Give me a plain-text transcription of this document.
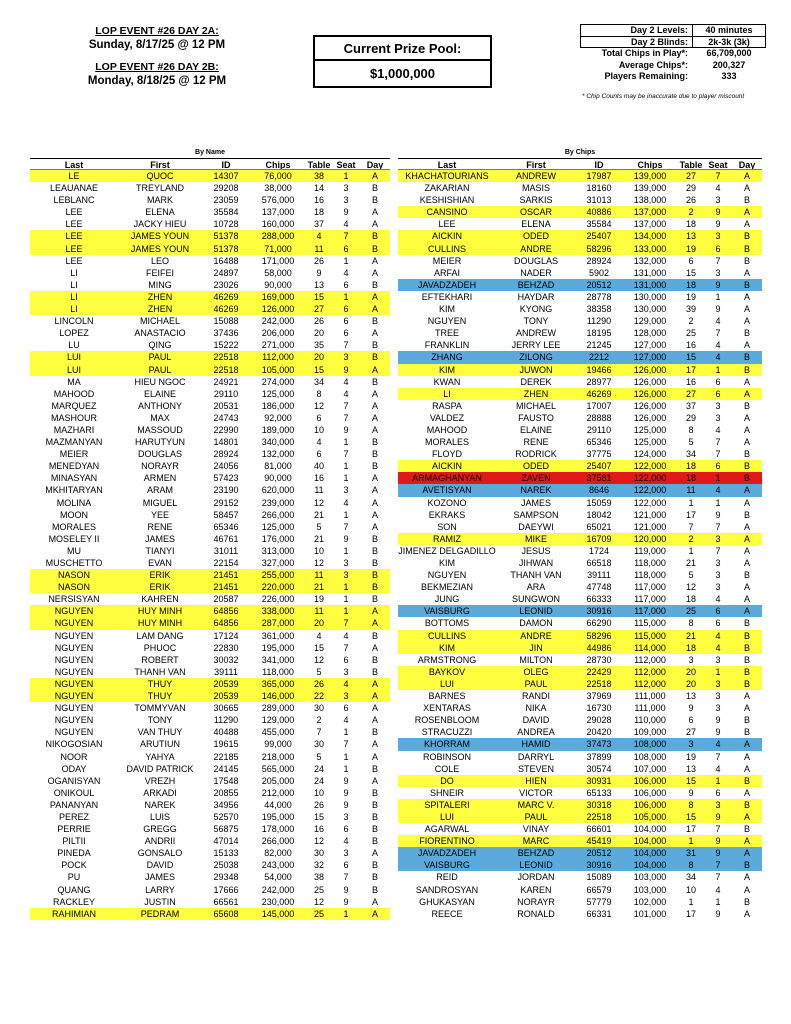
LOP EVENT #26 DAY 2A:
Sunday, 8/17/25 @ 12 PM
LOP EVENT #26 DAY 2B:
Monday, 8/18/25 @ 12 PM
Current Prize Pool:
$1,000,000
Day 2 Levels:	40 minutes
Day 2 Blinds:	2k-3k (3k)
Total Chips in Play*:	66,709,000
Average Chips*:	200,327
Players Remaining:	333
* Chip Counts may be inaccurate due to player miscount
By Name
Last	First	ID	Chips	Table Seat	Day
LE	QUOC	14307	76,000	38	1	A
LEAUANAE	TREYLAND	29208	38,000	14	3	B
LEBLANC	MARK	23059	576,000	16	3	B
LEE	ELENA	35584	137,000	18	9	A
LEE	JACKY HIEU	10728	160,000	37	4	A
LEE	JAMES YOUN	51378	288,000	4	7	B
LEE	JAMES YOUN	51378	71,000	11	6	B
LEE	LEO	16488	171,000	26	1	A
LI	FEIFEI	24897	58,000	9	4	A
LI	MING	23026	90,000	13	6	B
LI	ZHEN	46269	169,000	15	1	A
LI	ZHEN	46269	126,000	27	6	A
LINCOLN	MICHAEL	15088	242,000	26	6	B
LOPEZ	ANASTACIO	37436	206,000	20	6	A
LU	QING	15222	271,000	35	7	B
LUI	PAUL	22518	112,000	20	3	B
LUI	PAUL	22518	105,000	15	9	A
MA	HIEU NGOC	24921	274,000	34	4	B
MAHOOD	ELAINE	29110	125,000	8	4	A
MARQUEZ	ANTHONY	20531	186,000	12	7	A
MASHOUR	MAX	24743	92,000	6	7	A
MAZHARI	MASSOUD	22990	189,000	10	9	A
MAZMANYAN	HARUTYUN	14801	340,000	4	1	B
MEIER	DOUGLAS	28924	132,000	6	7	B
MENEDYAN	NORAYR	24056	81,000	40	1	B
MINASYAN	ARMEN	57423	90,000	16	1	A
MKHITARYAN	ARAM	23190	620,000	11	3	A
MOLINA	MIGUEL	29152	239,000	12	4	A
MOON	YEE	58457	266,000	21	1	A
MORALES	RENE	65346	125,000	5	7	A
MOSELEY II	JAMES	46761	176,000	21	9	B
MU	TIANYI	31011	313,000	10	1	B
MUSCHETTO	EVAN	22154	327,000	12	3	B
NASON	ERIK	21451	255,000	11	3	B
NASON	ERIK	21451	220,000	21	1	B
NERSISYAN	KAHREN	20587	226,000	19	1	B
NGUYEN	HUY MINH	64856	338,000	11	1	A
NGUYEN	HUY MINH	64856	287,000	20	7	A
NGUYEN	LAM DANG	17124	361,000	4	4	B
NGUYEN	PHUOC	22830	195,000	15	7	A
NGUYEN	ROBERT	30032	341,000	12	6	B
NGUYEN	THANH VAN	39111	118,000	5	3	B
NGUYEN	THUY	20539	365,000	26	4	A
NGUYEN	THUY	20539	146,000	22	3	A
NGUYEN	TOMMYVAN	30665	289,000	30	6	A
NGUYEN	TONY	11290	129,000	2	4	A
NGUYEN	VAN THUY	40488	455,000	7	1	B
NIKOGOSIAN	ARUTIUN	19615	99,000	30	7	A
NOOR	YAHYA	22185	218,000	5	1	A
ODAY	DAVID PATRICK	24145	565,000	24	1	B
OGANISYAN	VREZH	17548	205,000	24	9	A
ONIKOUL	ARKADI	20855	212,000	10	9	B
PANANYAN	NAREK	34956	44,000	26	9	B
PEREZ	LUIS	52570	195,000	15	3	B
PERRIE	GREGG	56875	178,000	16	6	B
PILTII	ANDRII	47014	266,000	12	4	B
PINEDA	GONSALO	15133	82,000	30	3	A
POCK	DAVID	25038	243,000	32	6	B
PU	JAMES	29348	54,000	38	7	B
QUANG	LARRY	17666	242,000	25	9	B
RACKLEY	JUSTIN	66561	230,000	12	9	A
RAHIMIAN	PEDRAM	65608	145,000	25	1	A
By Chips
Last	First	ID	Chips	Table Seat	Day
KHACHATOURIANS	ANDREW	17987	139,000	27	7	A
ZAKARIAN	MASIS	18160	139,000	29	4	A
KESHISHIAN	SARKIS	31013	138,000	26	3	B
CANSINO	OSCAR	40886	137,000	2	9	A
LEE	ELENA	35584	137,000	18	9	A
AICKIN	ODED	25407	134,000	13	3	B
CULLINS	ANDRE	58296	133,000	19	6	B
MEIER	DOUGLAS	28924	132,000	6	7	B
ARFAI	NADER	5902	131,000	15	3	A
JAVADZADEH	BEHZAD	20512	131,000	18	9	B
EFTEKHARI	HAYDAR	28778	130,000	19	1	A
KIM	KYONG	38358	130,000	39	9	A
NGUYEN	TONY	11290	129,000	2	4	A
TREE	ANDREW	18195	128,000	25	7	B
FRANKLIN	JERRY LEE	21245	127,000	16	4	A
ZHANG	ZILONG	2212	127,000	15	4	B
KIM	JUWON	19466	126,000	17	1	B
KWAN	DEREK	28977	126,000	16	6	A
LI	ZHEN	46269	126,000	27	6	A
RASPA	MICHAEL	17007	126,000	37	3	B
VALDEZ	FAUSTO	28888	126,000	29	3	A
MAHOOD	ELAINE	29110	125,000	8	4	A
MORALES	RENE	65346	125,000	5	7	A
FLOYD	RODRICK	37775	124,000	34	7	B
AICKIN	ODED	25407	122,000	18	6	B
ARMAGHANYAN	ZAVEN	37581	122,000	18	1	B
AVETISYAN	NAREK	8646	122,000	11	4	A
KOZONO	JAMES	15059	122,000	1	1	A
EKRAKS	SAMPSON	18042	121,000	17	9	B
SON	DAEYWI	65021	121,000	7	7	A
RAMIZ	MIKE	16709	120,000	2	3	A
JIMENEZ DELGADILLO	JESUS	1724	119,000	1	7	A
KIM	JIHWAN	66518	118,000	21	3	A
NGUYEN	THANH VAN	39111	118,000	5	3	B
BEKMEZIAN	ARA	47748	117,000	12	3	A
JUNG	SUNGWON	66333	117,000	18	4	A
VAISBURG	LEONID	30916	117,000	25	6	A
BOTTOMS	DAMON	66290	115,000	8	6	B
CULLINS	ANDRE	58296	115,000	21	4	B
KIM	JIN	44986	114,000	18	4	B
ARMSTRONG	MILTON	28730	112,000	3	3	B
BAYKOV	OLEG	22429	112,000	20	1	B
LUI	PAUL	22518	112,000	20	3	B
BARNES	RANDI	37969	111,000	13	3	A
XENTARAS	NIKA	16730	111,000	9	3	A
ROSENBLOOM	DAVID	29028	110,000	6	9	B
STRACUZZI	ANDREA	20420	109,000	27	9	B
KHORRAM	HAMID	37473	108,000	3	4	A
ROBINSON	DARRYL	37899	108,000	19	7	A
COLE	STEVEN	30574	107,000	13	4	A
DO	HIEN	30931	106,000	15	1	B
SHNEIR	VICTOR	65133	106,000	9	6	A
SPITALERI	MARC V.	30318	106,000	8	3	B
LUI	PAUL	22518	105,000	15	9	A
AGARWAL	VINAY	66601	104,000	17	7	B
FIORENTINO	MARC	45419	104,000	1	9	A
JAVADZADEH	BEHZAD	20512	104,000	31	9	A
VAISBURG	LEONID	30916	104,000	8	7	B
REID	JORDAN	15089	103,000	34	7	A
SANDROSYAN	KAREN	66579	103,000	10	4	A
GHUKASYAN	NORAYR	57779	102,000	1	1	B
REECE	RONALD	66331	101,000	17	9	A
